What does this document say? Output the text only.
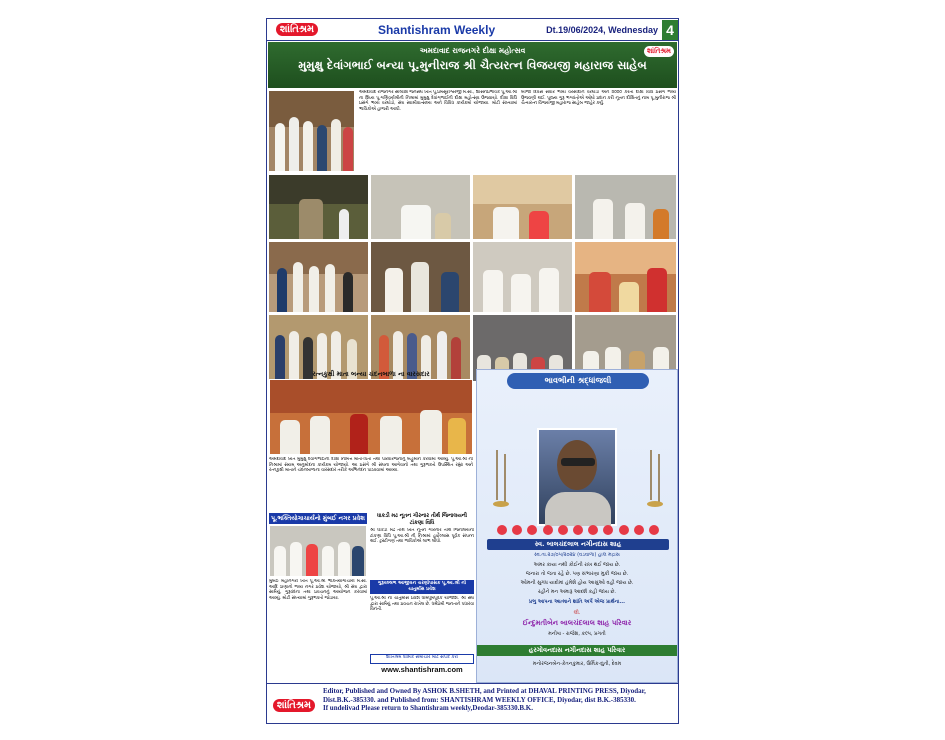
શાંતિશ્રમ	Shantishram Weekly	Dt.19/06/2024, Wednesday 4
અમદાવાદ રાજનગરે દીક્ષા મહોત્સવ
મુમુક્ષુ દેવાંગભાઈ બન્યા પૂ.મુનીરાજ શ્રી ચૈત્યરત્ન વિજયજી મહારાજ સાહેબ
શાંતિશ્રમ
અમદાવાદ રાજનગરે સોલાક્ષિ જૈનસંઘ ખાતે પૂ.પ્રેમસૂરીશ્વરજી મ.સા., શાસનપ્રભાવક પૂ.આ.શ્રી ના શિષ્ય પૂ.ગણિવર્યશ્રીની નિશ્રામાં મુમુક્ષુ દેવાંગભાઈની દીક્ષા મહોત્સવ ઉજવાયો. દીક્ષા વિધિ પ્રસંગે ભવ્ય વરઘોડો, સંઘ સ્વામીવાત્સલ્ય અને વિવિધ કાર્યક્રમો યોજાયા. મોટી સંખ્યામાં ભાવિકોએ હાજરી આપી.
બીજા દિવસે સવારે ભવ્ય વરસીદાન વરઘોડો અને ૨૦૦૦ કરતાં દીક્ષા વિધિ પ્રસંગે ભવ્ય ઉજવણી થઈ. પૂજ્ય ગુરૂ ભગવંતોએ ઓઘો પ્રદાન કરી નૂતન દીક્ષિતનું નામ પૂ.મુનીરાજ શ્રી ચૈત્યરત્ન વિજયજી મહારાજ સાહેબ જાહેર કર્યું.
રત્નકુક્ષી માતા બન્યા ચંદનબાળા ના વારસદાર
અમદાવાદ ખાતે મુમુક્ષુ દેવાંગભાઈની દીક્ષા નિમિત્તે માતા-પિતા તથા પરિવારજનોનું બહુમાન કરવામાં આવ્યું. પૂ.આ.શ્રી ની નિશ્રામાં સંયમ અનુમોદના કાર્યક્રમ યોજાયો. આ પ્રસંગે શ્રી સંઘના આગેવાનો તથા ગુરૂભક્તો ઉપસ્થિત રહ્યા અને રત્નકુક્ષી માતાને ચંદનબાળાના વારસદાર તરીકે અભિનંદન પાઠવવામાં આવ્યા.
પૂ.ભક્તિયોગાચાર્યનો મુંબઈ નગર પ્રવેશ
મુંબઈ મહાનગરી ખાતે પૂ.આ.શ્રી ભક્તિયોગાચાર્ય મ.સા. આદિ ઠાણાનો ભવ્ય નગર પ્રવેશ યોજાયો. શ્રી સંઘ દ્વારા સામૈયું, ગુરૂવંદના તથા પ્રવચનનું આયોજન કરવામાં આવ્યું. મોટી સંખ્યામાં ગુરૂભક્તો જોડાયા.
ધાકડી મઢ નૂતન ગીરનાર તીર્થ જિનાલયની ટાંકણા વિધિ
શ્રી ધાકડી મઢ તીર્થ ખાતે નૂતન ગીરનાર તીર્થ જિનાલયની ટાંકણા વિધિ પૂ.આ.શ્રી ની નિશ્રામાં હર્ષોલ્લાસ પૂર્વક સંપન્ન થઈ. ટ્રસ્ટીગણ તથા ભાવિકોએ લાભ લીધો.
ગુરૂવલ્લભ આજીવન ચરણોપાસક પૂ.આ.શ્રી નો ચાતુર્માસ પ્રવેશ
પૂ.આ.શ્રી નો ચાતુર્માસ પ્રવેશ ધામધૂમપૂર્વક યોજાશે. શ્રી સંઘ દ્વારા સામૈયું તથા પ્રવચન રાખેલ છે. ધર્મપ્રેમી જનતાને પધારવા વિનંતી.
શાંતિશ્રમ ધાર્મિક સમાચાર માટે સંપર્ક કરો
www.shantishram.com
ભાવભીની શ્રદ્ધાંજલી
સ્વ. બાલચંદલાલ નગીનદાસ શાહ
સ્વ.તા.૨૭/૦૫/૨૦૨૪ (વડવાળા) હાલ મદ્રાસ
અમર કાયા નથી કોઈની રાખ થઈ જાય છે.
જનારા તો જતા રહે છે. પણ સંભારણા મુકી જાય છે.
ઓમની સુગંધ યાદોમાં હંમેશે હોય આસુંઓ વહી જાય છે.
રહીને મન અમારૂ આદર્શ કહી જાય છે.
પ્રભુ આપના આત્માને શાંતિ અર્પે એજ પ્રાર્થના...
લી.
ઈન્દુમતીબેન બાલચંદલાલ શાહ પરિવાર
મનીષા - રાજેશ, કલ્પ, પ્રગતી
હરગોવનદાસ નગીનદાસ શાહ પરિવાર
મનોરંજનબેન-કેતનકુમાર, ઉર્મિક-દ્યુતી, દેવમ
શાંતિશ્રમ
Editor, Published and Owned By ASHOK B.SHETH, and Printed at DHAVAL PRINTING PRESS, Diyodar,
Dist.B.K.-385330. and Published from: SHANTISHRAM WEEKLY OFFICE, Diyodar, dist B.K.-385330.
If undelivad Please return to Shantishram weekly,Deodar-385330.B.K.
